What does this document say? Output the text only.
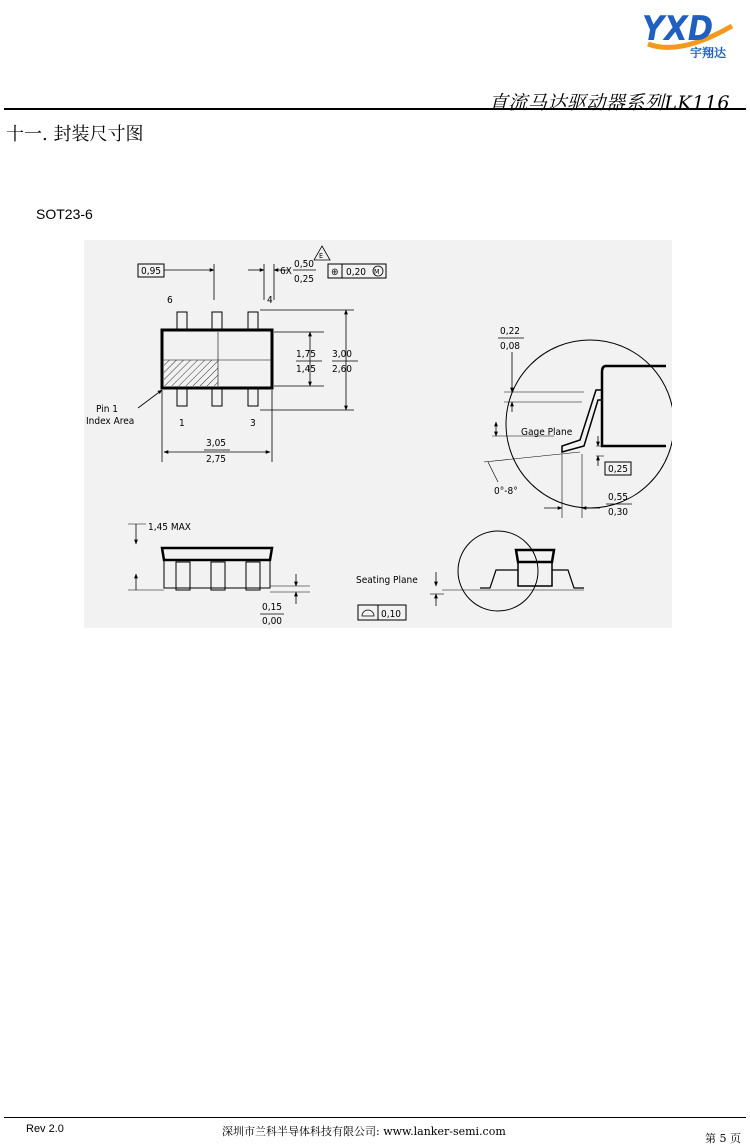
YXD
宇翔达
直流马达驱动器系列LK116
十一. 封装尺寸图
SOT23-6
0,95	6X
0,50
0,25
⊕ 0,20 M
E
6	4
1	3
Pin 1
Index Area
1,75
1,45
3,00
2,60
3,05
2,75
0,22
0,08
Gage Plane
0°-8°
0,25
0,55
0,30
1,45 MAX
0,15
0,00
Seating Plane
0,10
Rev 2.0	深圳市兰科半导体科技有限公司: www.lanker-semi.com
第 5 页
